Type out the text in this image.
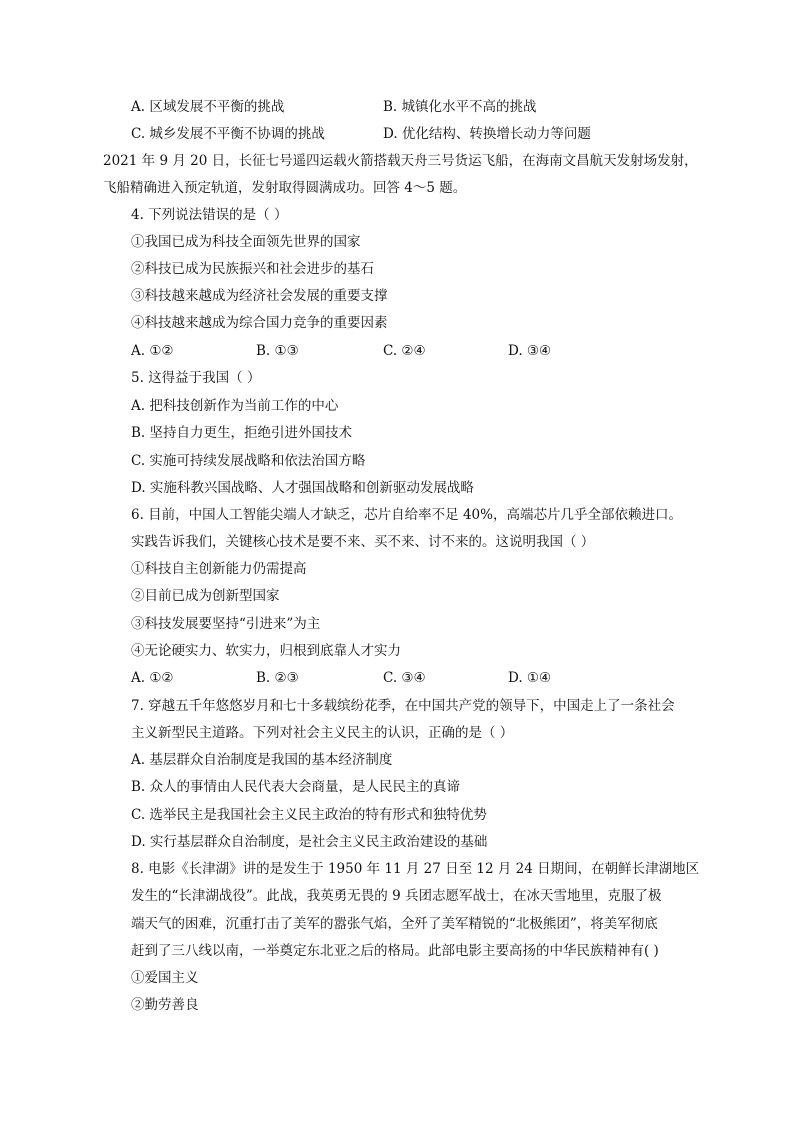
A. 区域发展不平衡的挑战	B. 城镇化水平不高的挑战
C. 城乡发展不平衡不协调的挑战	D. 优化结构、转换增长动力等问题
2021 年 9 月 20 日，长征七号遥四运载火箭搭载天舟三号货运飞船，在海南文昌航天发射场发射，
飞船精确进入预定轨道，发射取得圆满成功。回答 4～5 题。
4. 下列说法错误的是（ ）
①我国已成为科技全面领先世界的国家
②科技已成为民族振兴和社会进步的基石
③科技越来越成为经济社会发展的重要支撑
④科技越来越成为综合国力竞争的重要因素
A. ①②	B. ①③	C. ②④	D. ③④
5. 这得益于我国（ ）
A. 把科技创新作为当前工作的中心
B. 坚持自力更生，拒绝引进外国技术
C. 实施可持续发展战略和依法治国方略
D. 实施科教兴国战略、人才强国战略和创新驱动发展战略
6. 目前，中国人工智能尖端人才缺乏，芯片自给率不足 40%，高端芯片几乎全部依赖进口。
实践告诉我们，关键核心技术是要不来、买不来、讨不来的。这说明我国（ ）
①科技自主创新能力仍需提高
②目前已成为创新型国家
③科技发展要坚持“引进来”为主
④无论硬实力、软实力，归根到底靠人才实力
A. ①②	B. ②③	C. ③④	D. ①④
7. 穿越五千年悠悠岁月和七十多载缤纷花季，在中国共产党的领导下，中国走上了一条社会
主义新型民主道路。下列对社会主义民主的认识，正确的是（ ）
A. 基层群众自治制度是我国的基本经济制度
B. 众人的事情由人民代表大会商量，是人民民主的真谛
C. 选举民主是我国社会主义民主政治的特有形式和独特优势
D. 实行基层群众自治制度，是社会主义民主政治建设的基础
8. 电影《长津湖》讲的是发生于 1950 年 11 月 27 日至 12 月 24 日期间，在朝鲜长津湖地区
发生的“长津湖战役”。此战，我英勇无畏的 9 兵团志愿军战士，在冰天雪地里，克服了极
端天气的困难，沉重打击了美军的嚣张气焰，全歼了美军精锐的“北极熊团”，将美军彻底
赶到了三八线以南，一举奠定东北亚之后的格局。此部电影主要高扬的中华民族精神有( )
①爱国主义
②勤劳善良
